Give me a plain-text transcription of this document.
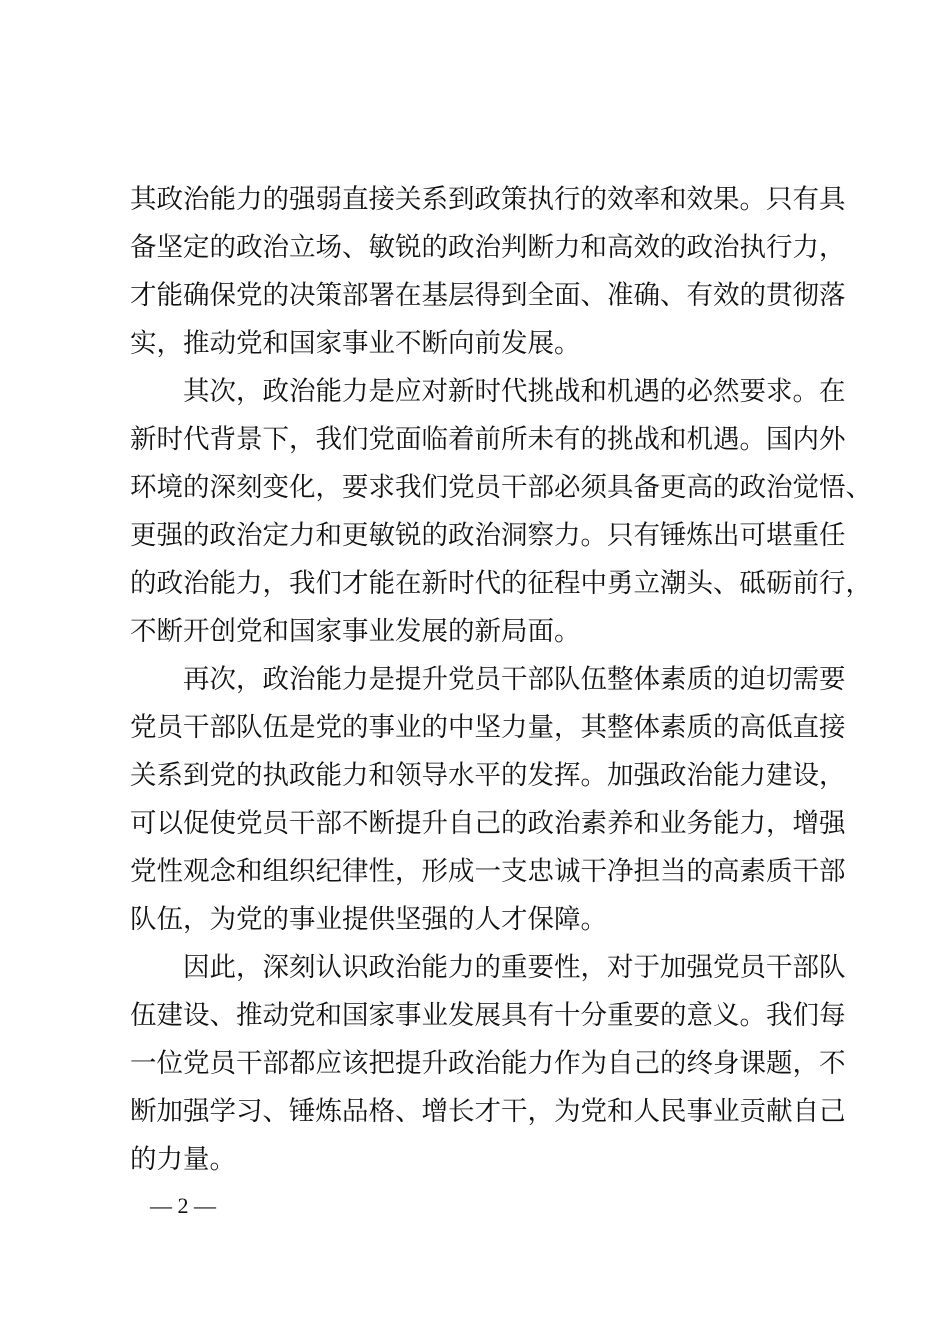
其政治能力的强弱直接关系到政策执行的效率和效果。只有具
备坚定的政治立场、敏锐的政治判断力和高效的政治执行力，
才能确保党的决策部署在基层得到全面、准确、有效的贯彻落
实，推动党和国家事业不断向前发展。
其次，政治能力是应对新时代挑战和机遇的必然要求。在
新时代背景下，我们党面临着前所未有的挑战和机遇。国内外
环境的深刻变化，要求我们党员干部必须具备更高的政治觉悟、
更强的政治定力和更敏锐的政治洞察力。只有锤炼出可堪重任
的政治能力，我们才能在新时代的征程中勇立潮头、砥砺前行，
不断开创党和国家事业发展的新局面。
再次，政治能力是提升党员干部队伍整体素质的迫切需要
党员干部队伍是党的事业的中坚力量，其整体素质的高低直接
关系到党的执政能力和领导水平的发挥。加强政治能力建设，
可以促使党员干部不断提升自己的政治素养和业务能力，增强
党性观念和组织纪律性，形成一支忠诚干净担当的高素质干部
队伍，为党的事业提供坚强的人才保障。
因此，深刻认识政治能力的重要性，对于加强党员干部队
伍建设、推动党和国家事业发展具有十分重要的意义。我们每
一位党员干部都应该把提升政治能力作为自己的终身课题，不
断加强学习、锤炼品格、增长才干，为党和人民事业贡献自己
的力量。
— 2 —
